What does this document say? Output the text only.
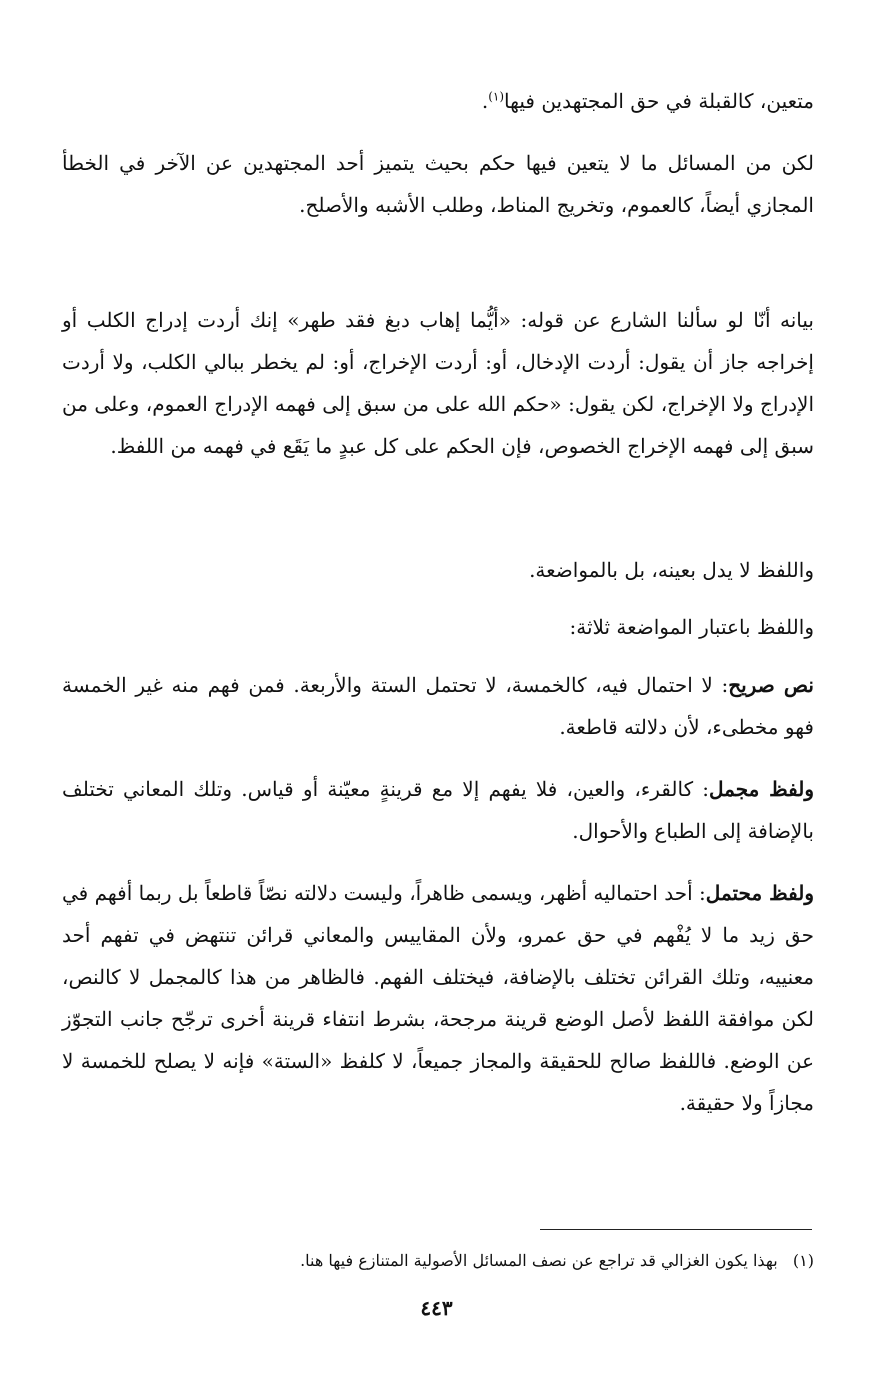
متعين، كالقبلة في حق المجتهدين فيها$^{(١)}$.

لكن من المسائل ما لا يتعين فيها حكم بحيث يتميز أحد المجتهدين عن الآخر في الخطأ المجازي أيضاً، كالعموم، وتخريج المناط، وطلب الأشبه والأصلح.

بيانه أنّا لو سألنا الشارع عن قوله: «أيُّما إهاب دبغ فقد طهر» إنك أردت إدراج الكلب أو إخراجه جاز أن يقول: أردت الإدخال، أو: أردت الإخراج، أو: لم يخطر ببالي الكلب، ولا أردت الإدراج ولا الإخراج، لكن يقول: «حكم الله على من سبق إلى فهمه الإدراج العموم، وعلى من سبق إلى فهمه الإخراج الخصوص، فإن الحكم على كل عبدٍ ما يَقَع في فهمه من اللفظ.

واللفظ لا يدل بعينه، بل بالمواضعة.

واللفظ باعتبار المواضعة ثلاثة:

نص صريح: لا احتمال فيه، كالخمسة، لا تحتمل الستة والأربعة. فمن فهم منه غير الخمسة فهو مخطىء، لأن دلالته قاطعة.

ولفظ مجمل: كالقرء، والعين، فلا يفهم إلا مع قرينةٍ معيّنة أو قياس. وتلك المعاني تختلف بالإضافة إلى الطباع والأحوال.

ولفظ محتمل: أحد احتماليه أظهر، ويسمى ظاهراً، وليست دلالته نصّاً قاطعاً بل ربما أفهم في حق زيد ما لا يُفْهم في حق عمرو، ولأن المقاييس والمعاني قرائن تنتهض في تفهم أحد معنييه، وتلك القرائن تختلف بالإضافة، فيختلف الفهم. فالظاهر من هذا كالمجمل لا كالنص، لكن موافقة اللفظ لأصل الوضع قرينة مرجحة، بشرط انتفاء قرينة أخرى ترجّح جانب التجوّز عن الوضع. فاللفظ صالح للحقيقة والمجاز جميعاً، لا كلفظ «الستة» فإنه لا يصلح للخمسة لا مجازاً ولا حقيقة.

(١)   بهذا يكون الغزالي قد تراجع عن نصف المسائل الأصولية المتنازع فيها هنا.

٤٤٣
